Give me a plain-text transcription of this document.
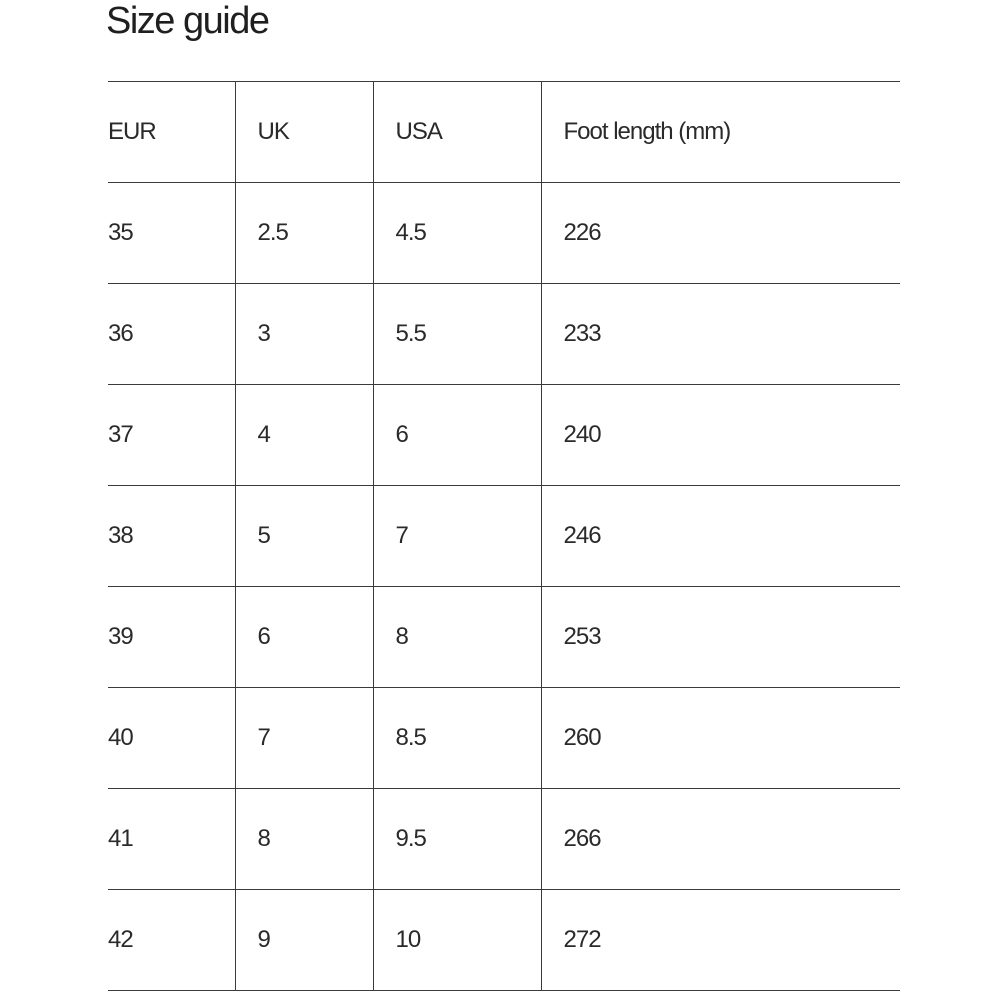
Size guide
EUR	UK	USA	Foot length (mm)
35	2.5	4.5	226
36	3	5.5	233
37	4	6	240
38	5	7	246
39	6	8	253
40	7	8.5	260
41	8	9.5	266
42	9	10	272
